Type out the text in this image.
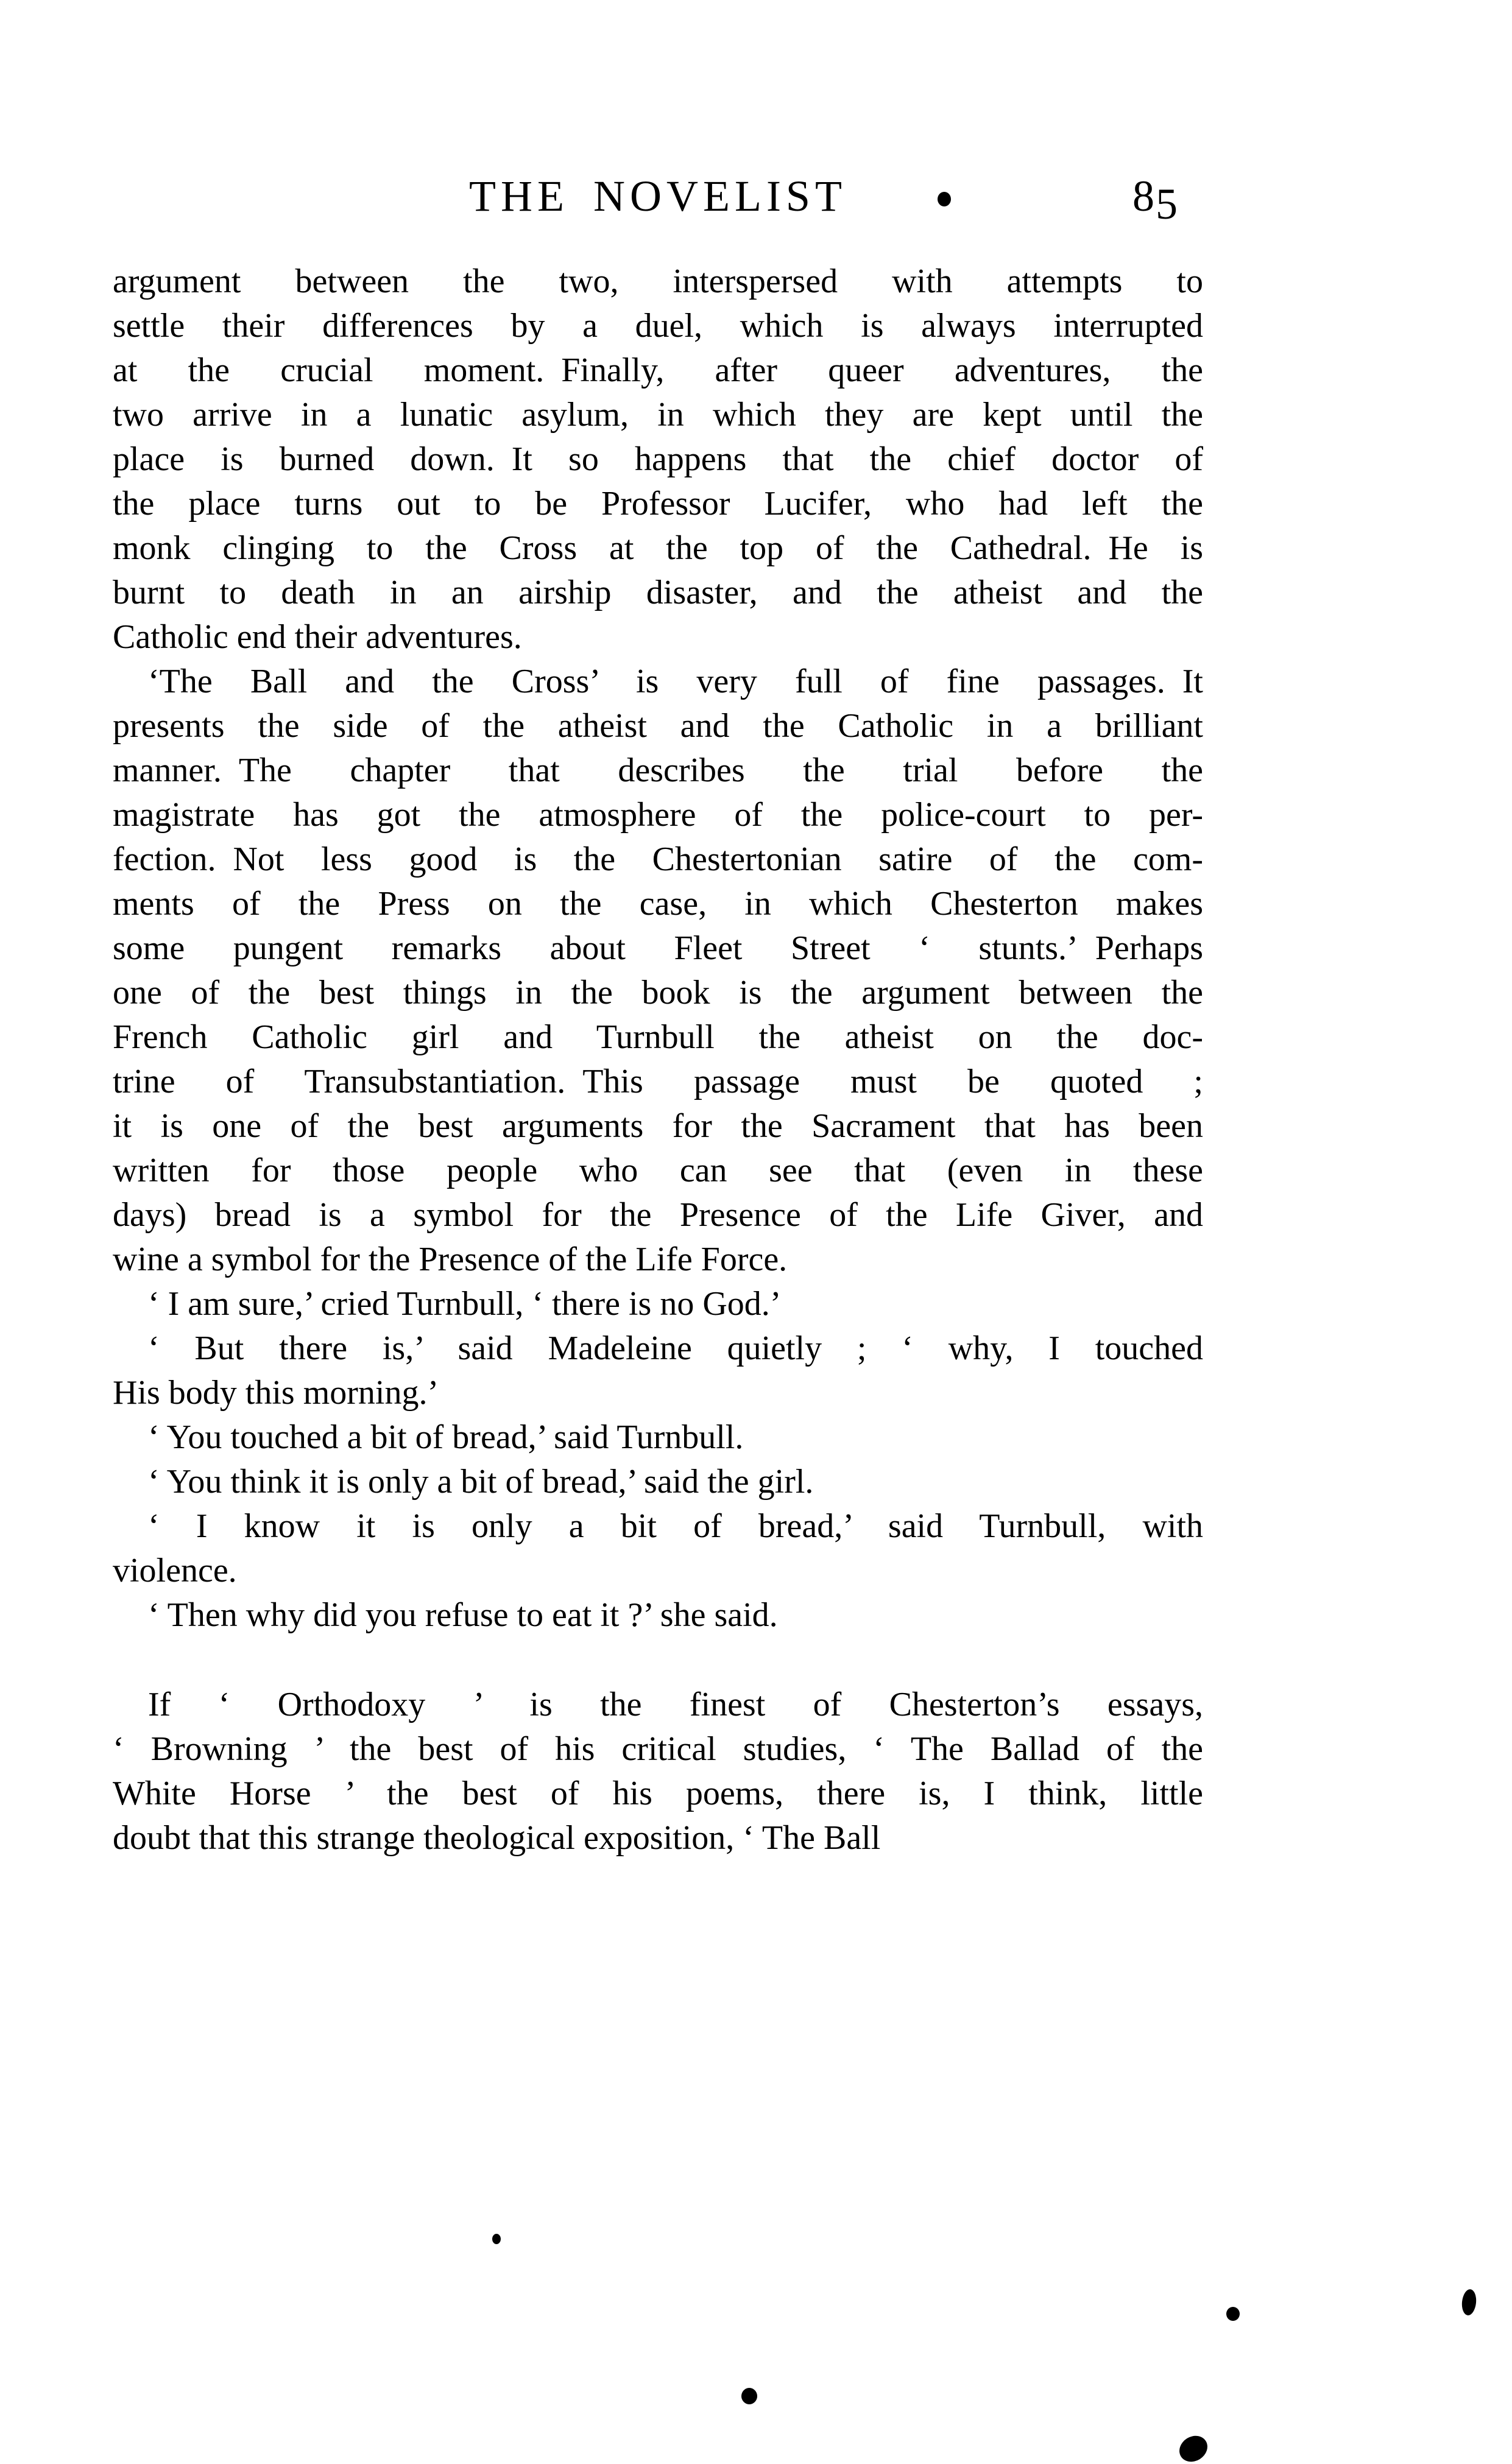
THE NOVELIST	85
argument between the two, interspersed with attempts to
settle their differences by a duel, which is always interrupted
at the crucial moment. Finally, after queer adventures, the
two arrive in a lunatic asylum, in which they are kept until the
place is burned down. It so happens that the chief doctor of
the place turns out to be Professor Lucifer, who had left the
monk clinging to the Cross at the top of the Cathedral. He is
burnt to death in an airship disaster, and the atheist and the
Catholic end their adventures.
‘The Ball and the Cross’ is very full of fine passages. It
presents the side of the atheist and the Catholic in a brilliant
manner. The chapter that describes the trial before the
magistrate has got the atmosphere of the police-court to per-
fection. Not less good is the Chestertonian satire of the com-
ments of the Press on the case, in which Chesterton makes
some pungent remarks about Fleet Street ‘ stunts.’ Perhaps
one of the best things in the book is the argument between the
French Catholic girl and Turnbull the atheist on the doc-
trine of Transubstantiation. This passage must be quoted ;
it is one of the best arguments for the Sacrament that has been
written for those people who can see that (even in these
days) bread is a symbol for the Presence of the Life Giver, and
wine a symbol for the Presence of the Life Force.
‘ I am sure,’ cried Turnbull, ‘ there is no God.’
‘ But there is,’ said Madeleine quietly ; ‘ why, I touched
His body this morning.’
‘ You touched a bit of bread,’ said Turnbull.
‘ You think it is only a bit of bread,’ said the girl.
‘ I know it is only a bit of bread,’ said Turnbull, with
violence.
‘ Then why did you refuse to eat it ?’ she said.
If ‘ Orthodoxy ’ is the finest of Chesterton’s essays,
‘ Browning ’ the best of his critical studies, ‘ The Ballad of the
White Horse ’ the best of his poems, there is, I think, little
doubt that this strange theological exposition, ‘ The Ball
